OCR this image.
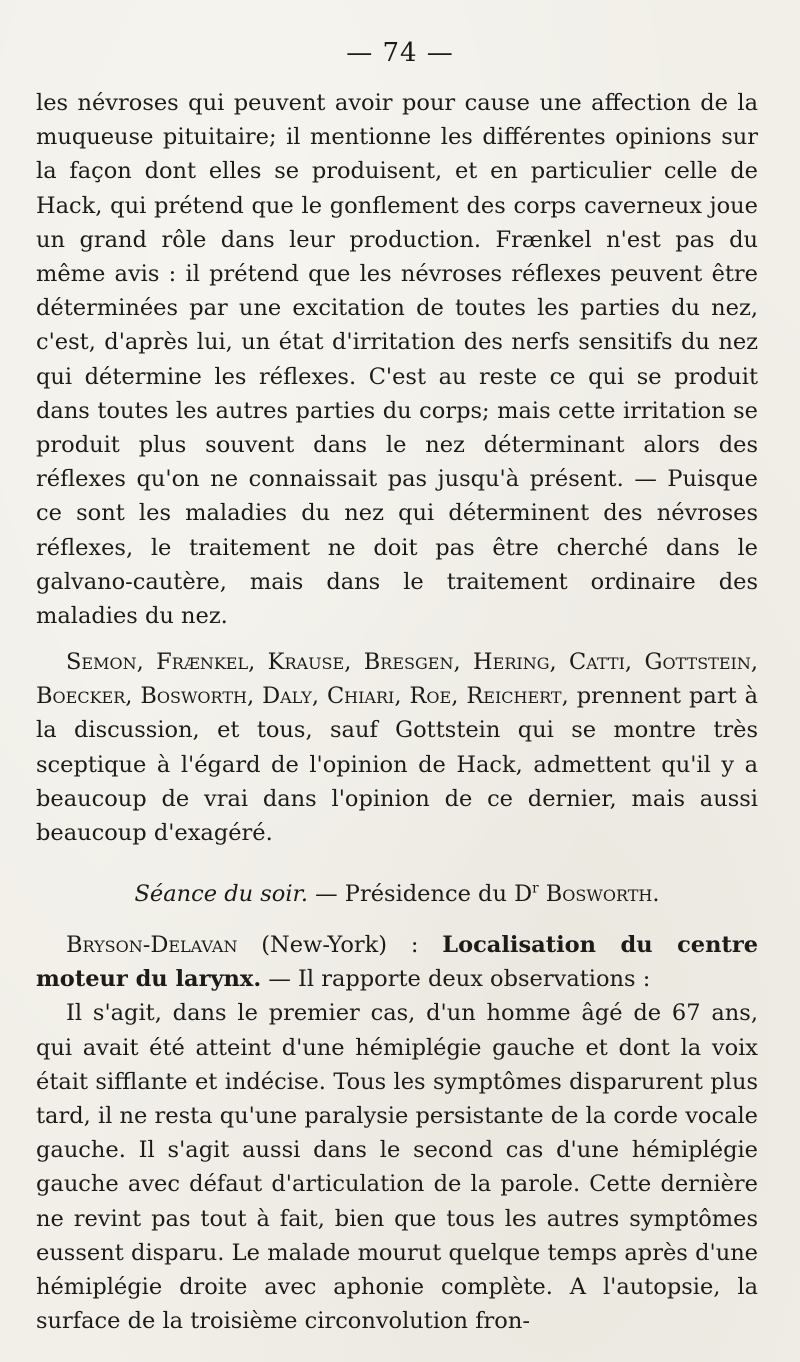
— 74 —
les névroses qui peuvent avoir pour cause une affection de la muqueuse pituitaire; il mentionne les différentes opinions sur la façon dont elles se produisent, et en particulier celle de Hack, qui prétend que le gonflement des corps caverneux joue un grand rôle dans leur production. Frænkel n'est pas du même avis : il prétend que les névroses réflexes peuvent être déterminées par une excitation de toutes les parties du nez, c'est, d'après lui, un état d'irritation des nerfs sensitifs du nez qui détermine les réflexes. C'est au reste ce qui se produit dans toutes les autres parties du corps; mais cette irritation se produit plus souvent dans le nez déterminant alors des réflexes qu'on ne connaissait pas jusqu'à présent. — Puisque ce sont les maladies du nez qui déterminent des névroses réflexes, le traitement ne doit pas être cherché dans le galvano-cautère, mais dans le traitement ordinaire des maladies du nez.
Semon, Frænkel, Krause, Bresgen, Hering, Catti, Gottstein, Boecker, Bosworth, Daly, Chiari, Roe, Reichert, prennent part à la discussion, et tous, sauf Gottstein qui se montre très sceptique à l'égard de l'opinion de Hack, admettent qu'il y a beaucoup de vrai dans l'opinion de ce dernier, mais aussi beaucoup d'exagéré.
Séance du soir. — Présidence du $D^r$ Bosworth.
Bryson-Delavan (New-York) : Localisation du centre moteur du larynx. — Il rapporte deux observations :
Il s'agit, dans le premier cas, d'un homme âgé de 67 ans, qui avait été atteint d'une hémiplégie gauche et dont la voix était sifflante et indécise. Tous les symptômes disparurent plus tard, il ne resta qu'une paralysie persistante de la corde vocale gauche. Il s'agit aussi dans le second cas d'une hémiplégie gauche avec défaut d'articulation de la parole. Cette dernière ne revint pas tout à fait, bien que tous les autres symptômes eussent disparu. Le malade mourut quelque temps après d'une hémiplégie droite avec aphonie complète. A l'autopsie, la surface de la troisième circonvolution fron-
